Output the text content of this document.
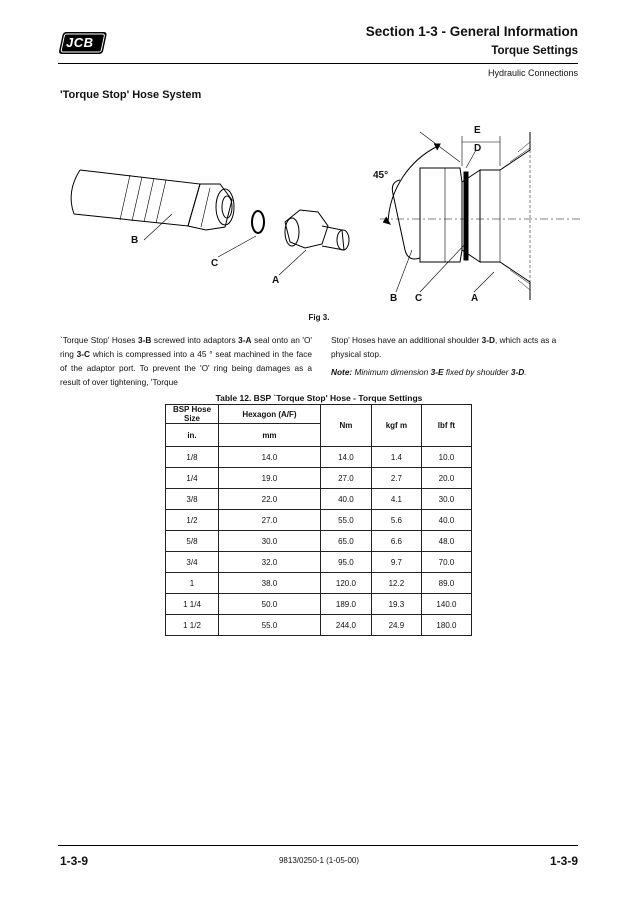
JCB
Section 1-3 - General Information
Torque Settings
Hydraulic Connections
'Torque Stop' Hose System
B
C
A
45°
E
D
B C	A
Fig 3.

`Torque Stop' Hoses 3-B screwed into adaptors 3-A seal onto an 'O' ring 3-C which is compressed into a 45 ° seat machined in the face of the adaptor port. To prevent the 'O' ring being damages as a result of over tightening, 'Torque

Stop' Hoses have an additional shoulder 3-D, which acts as a physical stop.

Note: Minimum dimension 3-E fixed by shoulder 3-D.

Table 12. BSP `Torque Stop' Hose - Torque Settings
BSP Hose Size	Hexagon (A/F)	Nm	kgf m	lbf ft
in.	mm			
1/8	14.0	14.0	1.4	10.0
1/4	19.0	27.0	2.7	20.0
3/8	22.0	40.0	4.1	30.0
1/2	27.0	55.0	5.6	40.0
5/8	30.0	65.0	6.6	48.0
3/4	32.0	95.0	9.7	70.0
1	38.0	120.0	12.2	89.0
1 1/4	50.0	189.0	19.3	140.0
1 1/2	55.0	244.0	24.9	180.0
1-3-9	9813/0250-1 (1-05-00)	1-3-9
